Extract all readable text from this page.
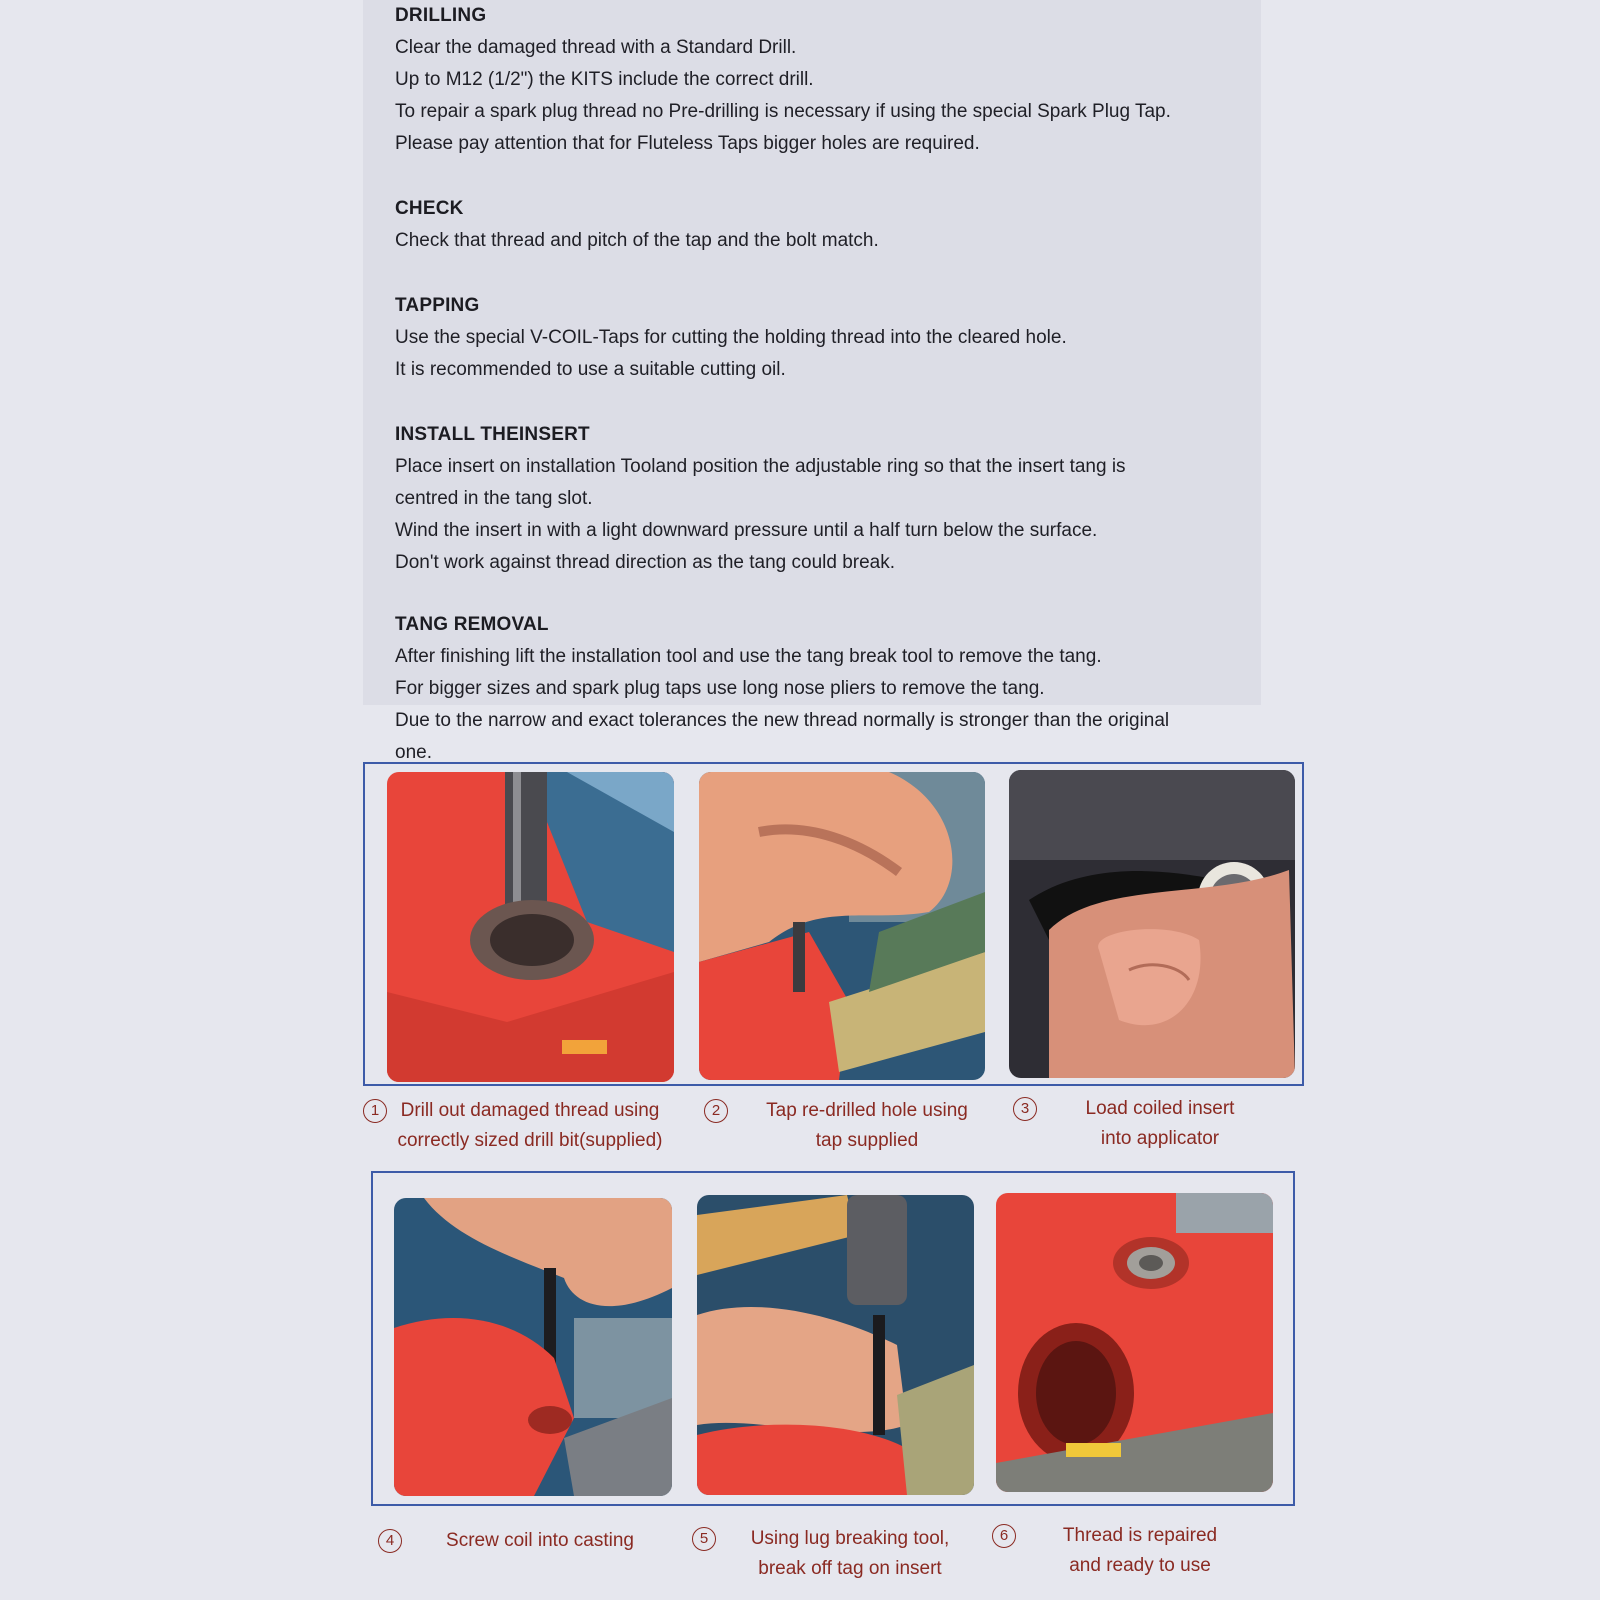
DRILLING

Clear the damaged thread with a Standard Drill.

Up to M12 (1/2") the KITS include the correct drill.

To repair a spark plug thread no Pre-drilling is necessary if using the special Spark Plug Tap.

Please pay attention that for Fluteless Taps bigger holes are required.

CHECK

Check that thread and pitch of the tap and the bolt match.

TAPPING

Use the special V-COIL-Taps for cutting the holding thread into the cleared hole.

It is recommended to use a suitable cutting oil.

INSTALL THEINSERT

Place insert on installation Tooland position the adjustable ring so that the insert tang is

centred in the tang slot.

Wind the insert in with a light downward pressure until a half turn below the surface.

Don't work against thread direction as the tang could break.

TANG REMOVAL

After finishing lift the installation tool and use the tang break tool to remove the tang.

For bigger sizes and spark plug taps use long nose pliers to remove the tang.

Due to the narrow and exact tolerances the new thread normally is stronger than the original

one.

1	Drill out damaged thread using
correctly sized drill bit(supplied)
2	Tap re-drilled hole using
tap supplied
3	Load coiled insert
into applicator
4	Screw coil into casting	5	Using lug breaking tool,
break off tag on insert
6	Thread is repaired
and ready to use
